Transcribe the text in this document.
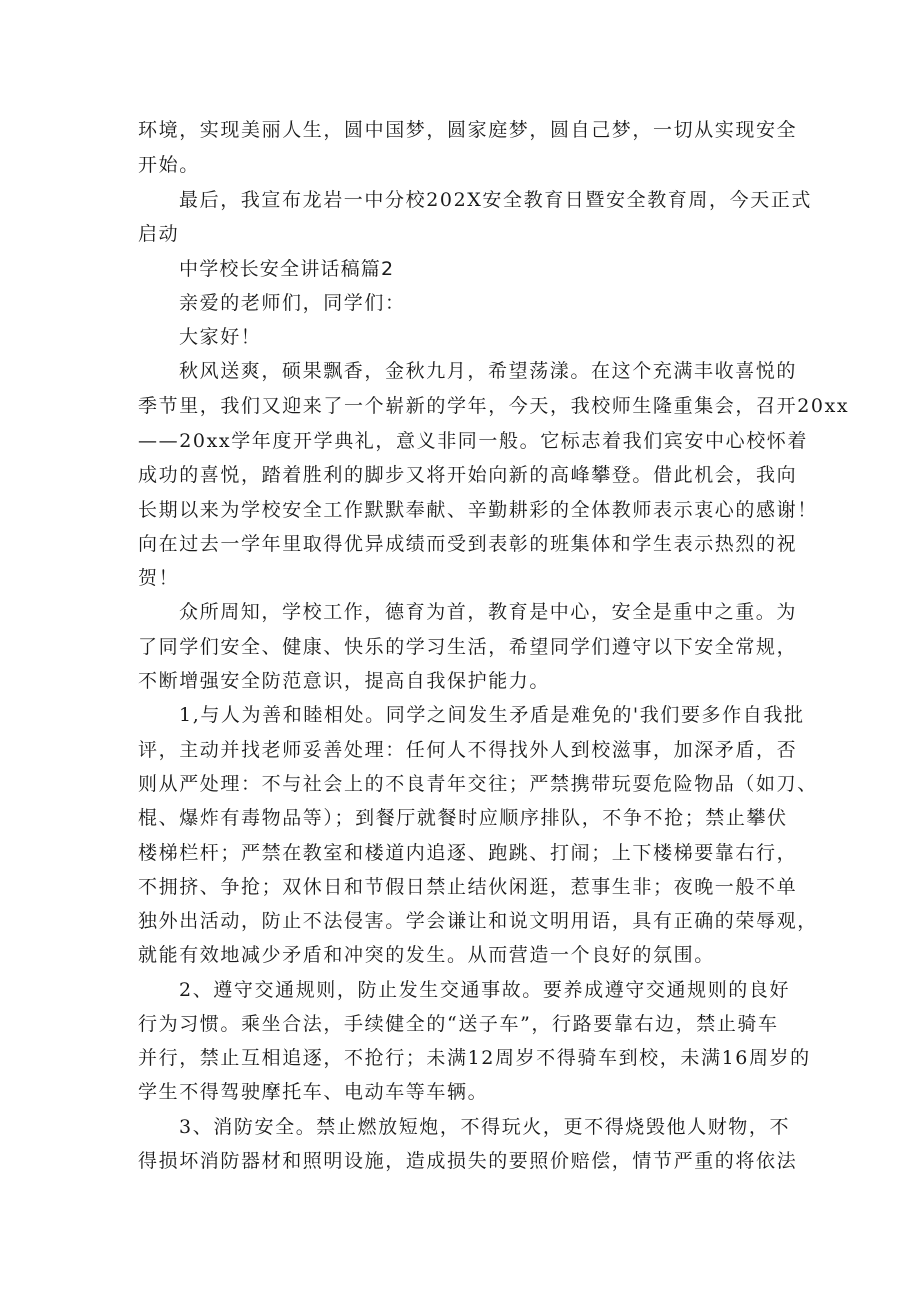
环境，实现美丽人生，圆中国梦，圆家庭梦，圆自己梦，一切从实现安全
开始。
最后，我宣布龙岩一中分校202X安全教育日暨安全教育周，今天正式
启动
中学校长安全讲话稿篇2
亲爱的老师们，同学们：
大家好！
秋风送爽，硕果飘香，金秋九月，希望荡漾。在这个充满丰收喜悦的
季节里，我们又迎来了一个崭新的学年，今天，我校师生隆重集会，召开20xx
——20xx学年度开学典礼，意义非同一般。它标志着我们宾安中心校怀着
成功的喜悦，踏着胜利的脚步又将开始向新的高峰攀登。借此机会，我向
长期以来为学校安全工作默默奉献、辛勤耕彩的全体教师表示衷心的感谢！
向在过去一学年里取得优异成绩而受到表彰的班集体和学生表示热烈的祝
贺！
众所周知，学校工作，德育为首，教育是中心，安全是重中之重。为
了同学们安全、健康、快乐的学习生活，希望同学们遵守以下安全常规，
不断增强安全防范意识，提高自我保护能力。
1,与人为善和睦相处。同学之间发生矛盾是难免的'我们要多作自我批
评，主动并找老师妥善处理：任何人不得找外人到校滋事，加深矛盾，否
则从严处理：不与社会上的不良青年交往；严禁携带玩耍危险物品（如刀、
棍、爆炸有毒物品等）；到餐厅就餐时应顺序排队，不争不抢；禁止攀伏
楼梯栏杆；严禁在教室和楼道内追逐、跑跳、打闹；上下楼梯要靠右行，
不拥挤、争抢；双休日和节假日禁止结伙闲逛，惹事生非；夜晚一般不单
独外出活动，防止不法侵害。学会谦让和说文明用语，具有正确的荣辱观，
就能有效地减少矛盾和冲突的发生。从而营造一个良好的氛围。
2、遵守交通规则，防止发生交通事故。要养成遵守交通规则的良好
行为习惯。乘坐合法，手续健全的“送子车”，行路要靠右边，禁止骑车
并行，禁止互相追逐，不抢行；未满12周岁不得骑车到校，未满16周岁的
学生不得驾驶摩托车、电动车等车辆。
3、消防安全。禁止燃放短炮，不得玩火，更不得烧毁他人财物，不
得损坏消防器材和照明设施，造成损失的要照价赔偿，情节严重的将依法
